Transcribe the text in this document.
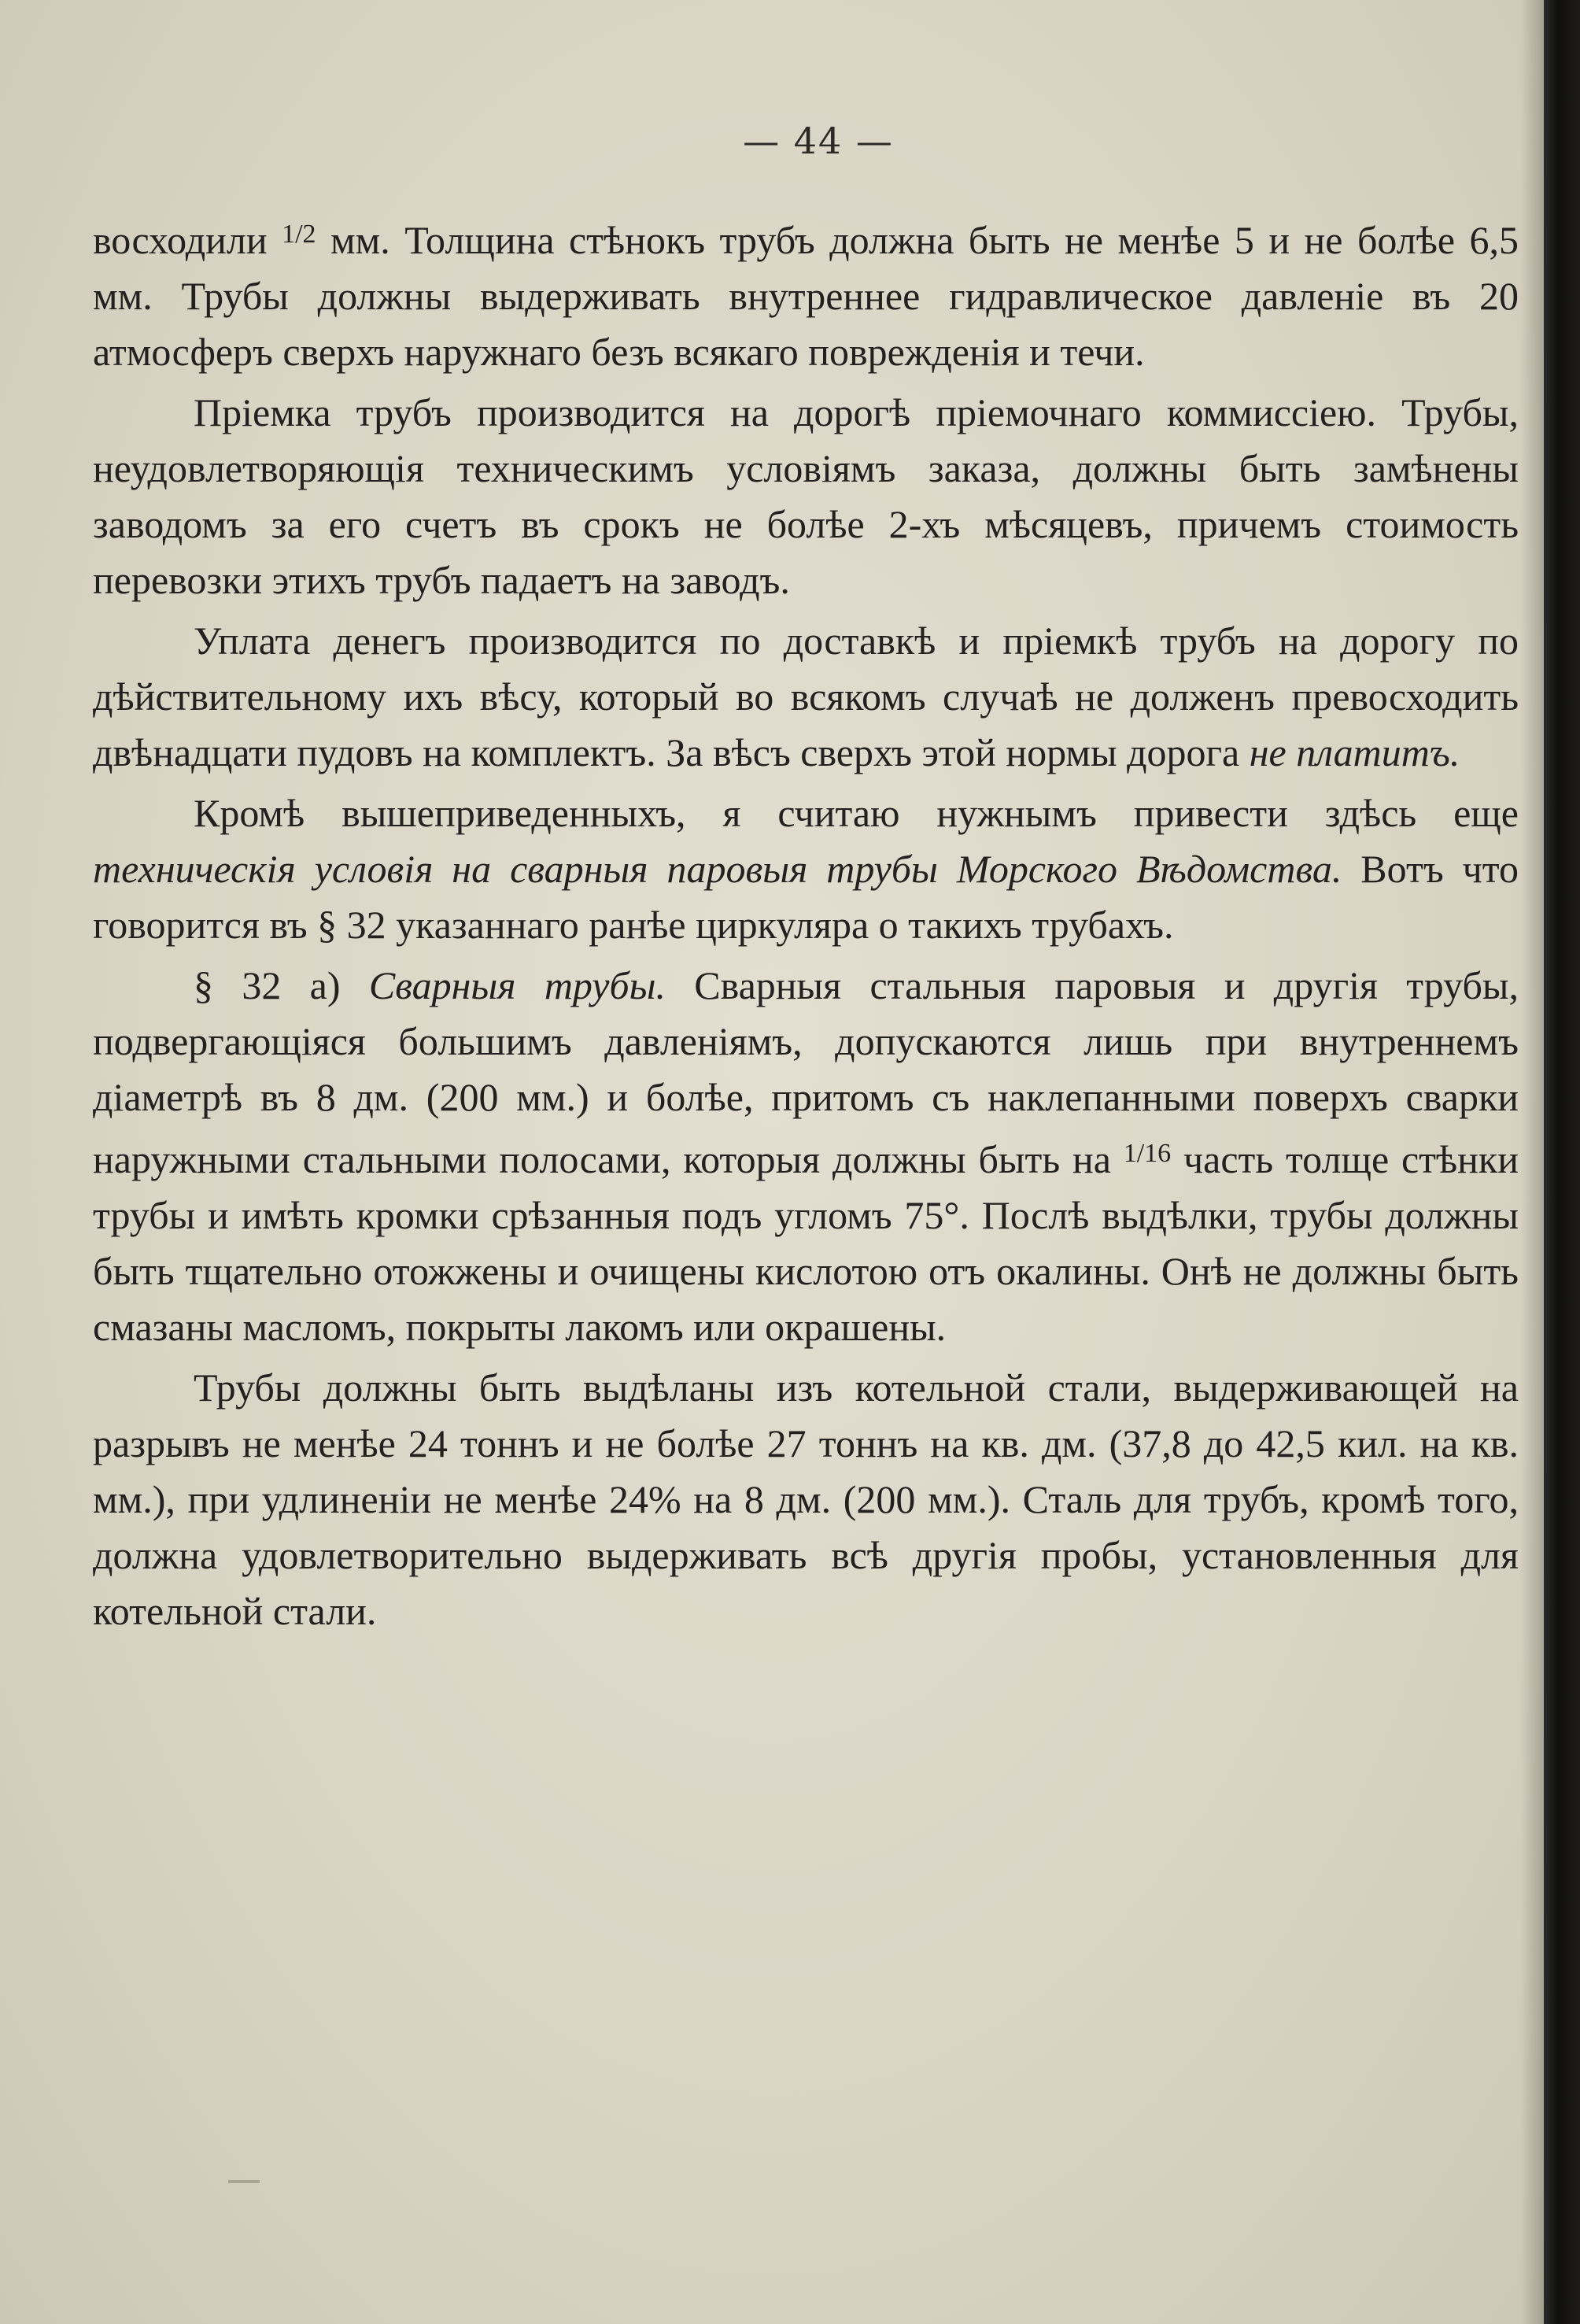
— 44 —

восходили $^{1/2}$ мм. Толщина стѣнокъ трубъ должна быть не менѣе 5 и не болѣе 6,5 мм. Трубы должны выдерживать внутреннее гидравлическое давленіе въ 20 атмосферъ сверхъ наружнаго безъ всякаго поврежденія и течи.

Пріемка трубъ производится на дорогѣ пріемочнаго коммиссіею. Трубы, неудовлетворяющія техническимъ условіямъ заказа, должны быть замѣнены заводомъ за его счетъ въ срокъ не болѣе 2-хъ мѣсяцевъ, причемъ стоимость перевозки этихъ трубъ падаетъ на заводъ.

Уплата денегъ производится по доставкѣ и пріемкѣ трубъ на дорогу по дѣйствительному ихъ вѣсу, который во всякомъ случаѣ не долженъ превосходить двѣнадцати пудовъ на комплектъ. За вѣсъ сверхъ этой нормы дорога не платитъ.

Кромѣ вышеприведенныхъ, я считаю нужнымъ привести здѣсь еще техническія условія на сварныя паровыя трубы Морского Вѣдомства. Вотъ что говорится въ § 32 указаннаго ранѣе циркуляра о такихъ трубахъ.

§ 32 а) Сварныя трубы. Сварныя стальныя паровыя и другія трубы, подвергающіяся большимъ давленіямъ, допускаются лишь при внутреннемъ діаметрѣ въ 8 дм. (200 мм.) и болѣе, притомъ съ наклепанными поверхъ сварки наружными стальными полосами, которыя должны быть на $^{1/16}$ часть толще стѣнки трубы и имѣть кромки срѣзанныя подъ угломъ 75°. Послѣ выдѣлки, трубы должны быть тщательно отожжены и очищены кислотою отъ окалины. Онѣ не должны быть смазаны масломъ, покрыты лакомъ или окрашены.

Трубы должны быть выдѣланы изъ котельной стали, выдерживающей на разрывъ не менѣе 24 тоннъ и не болѣе 27 тоннъ на кв. дм. (37,8 до 42,5 кил. на кв. мм.), при удлиненіи не менѣе 24% на 8 дм. (200 мм.). Сталь для трубъ, кромѣ того, должна удовлетворительно выдерживать всѣ другія пробы, установленныя для котельной стали.
